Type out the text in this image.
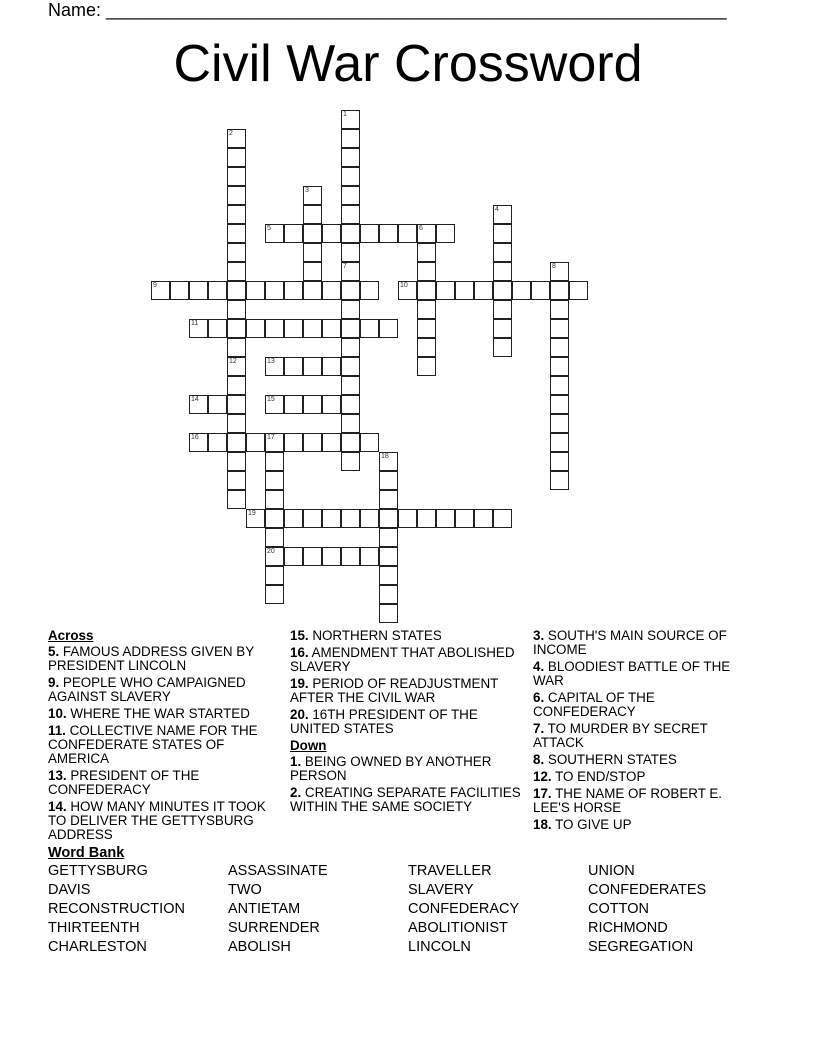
Name: ______________________________________________________________
Civil War Crossword
1
7
2
12
3
4
5	6
8
9	10
11
13
14	15
16	17
20
18
19
Across
5. FAMOUS ADDRESS GIVEN BY PRESIDENT LINCOLN
9. PEOPLE WHO CAMPAIGNED AGAINST SLAVERY
10. WHERE THE WAR STARTED
11. COLLECTIVE NAME FOR THE CONFEDERATE STATES OF AMERICA
13. PRESIDENT OF THE CONFEDERACY
14. HOW MANY MINUTES IT TOOK TO DELIVER THE GETTYSBURG ADDRESS
15. NORTHERN STATES
16. AMENDMENT THAT ABOLISHED SLAVERY
19. PERIOD OF READJUSTMENT AFTER THE CIVIL WAR
20. 16TH PRESIDENT OF THE UNITED STATES
Down
1. BEING OWNED BY ANOTHER PERSON
2. CREATING SEPARATE FACILITIES WITHIN THE SAME SOCIETY
3. SOUTH'S MAIN SOURCE OF INCOME
4. BLOODIEST BATTLE OF THE WAR
6. CAPITAL OF THE CONFEDERACY
7. TO MURDER BY SECRET ATTACK
8. SOUTHERN STATES
12. TO END/STOP
17. THE NAME OF ROBERT E. LEE'S HORSE
18. TO GIVE UP
Word Bank
GETTYSBURG
DAVIS
RECONSTRUCTION
THIRTEENTH
CHARLESTON
ASSASSINATE
TWO
ANTIETAM
SURRENDER
ABOLISH
TRAVELLER
SLAVERY
CONFEDERACY
ABOLITIONIST
LINCOLN
UNION
CONFEDERATES
COTTON
RICHMOND
SEGREGATION
